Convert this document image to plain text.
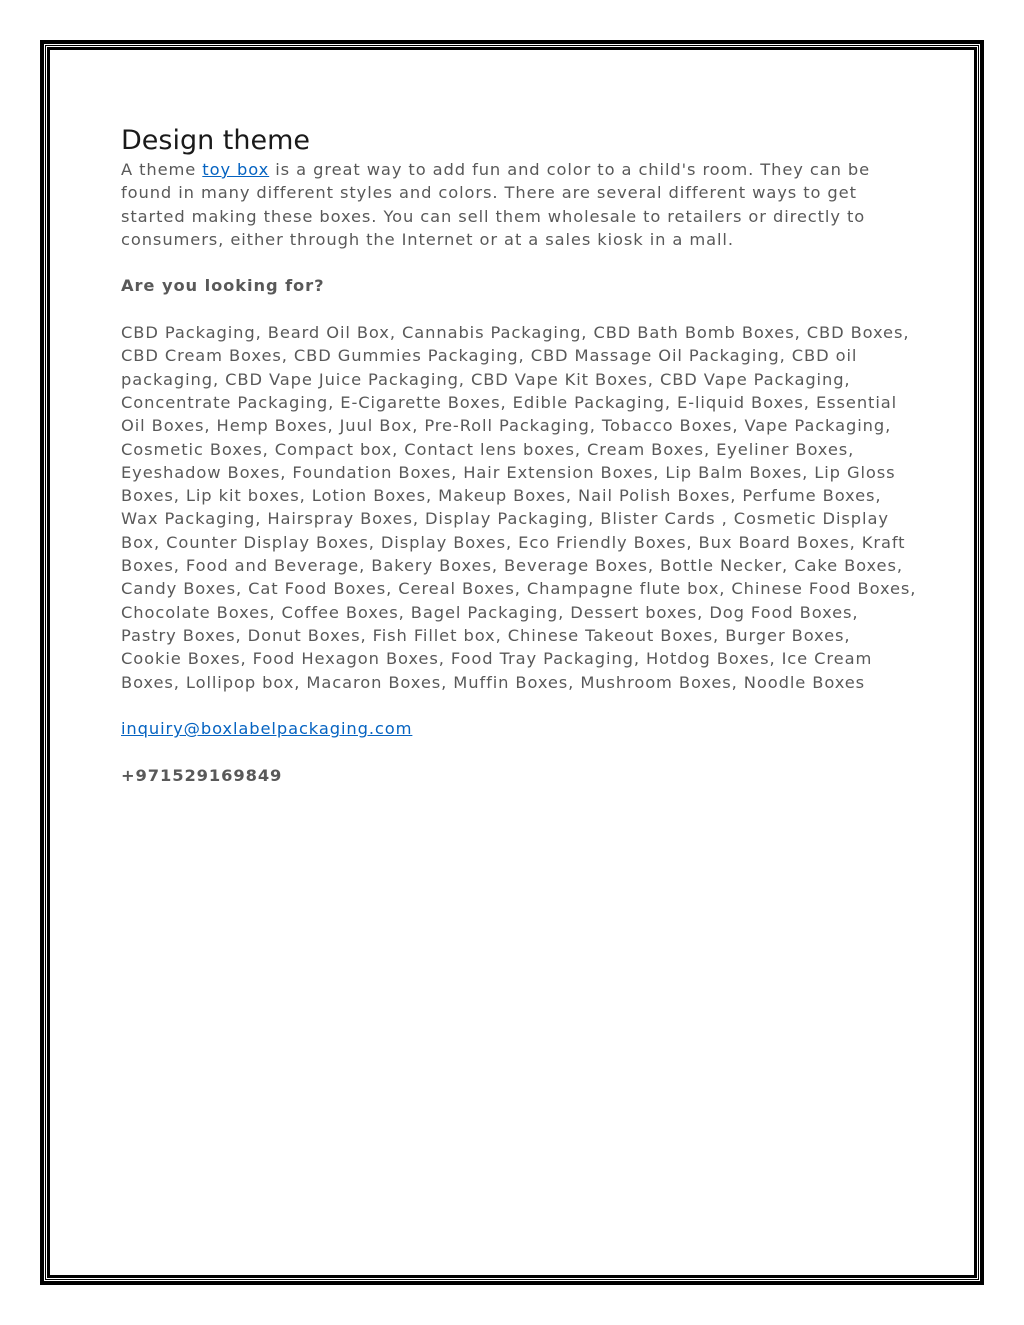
Design theme
A theme toy box is a great way to add fun and color to a child's room. They can be
found in many different styles and colors. There are several different ways to get
started making these boxes. You can sell them wholesale to retailers or directly to
consumers, either through the Internet or at a sales kiosk in a mall.
Are you looking for?
CBD Packaging, Beard Oil Box, Cannabis Packaging, CBD Bath Bomb Boxes, CBD Boxes,
CBD Cream Boxes, CBD Gummies Packaging, CBD Massage Oil Packaging, CBD oil
packaging, CBD Vape Juice Packaging, CBD Vape Kit Boxes, CBD Vape Packaging,
Concentrate Packaging, E-Cigarette Boxes, Edible Packaging, E-liquid Boxes, Essential
Oil Boxes, Hemp Boxes, Juul Box, Pre-Roll Packaging, Tobacco Boxes, Vape Packaging,
Cosmetic Boxes, Compact box, Contact lens boxes, Cream Boxes, Eyeliner Boxes,
Eyeshadow Boxes, Foundation Boxes, Hair Extension Boxes, Lip Balm Boxes, Lip Gloss
Boxes, Lip kit boxes, Lotion Boxes, Makeup Boxes, Nail Polish Boxes, Perfume Boxes,
Wax Packaging, Hairspray Boxes, Display Packaging, Blister Cards , Cosmetic Display
Box, Counter Display Boxes, Display Boxes, Eco Friendly Boxes, Bux Board Boxes, Kraft
Boxes, Food and Beverage, Bakery Boxes, Beverage Boxes, Bottle Necker, Cake Boxes,
Candy Boxes, Cat Food Boxes, Cereal Boxes, Champagne flute box, Chinese Food Boxes,
Chocolate Boxes, Coffee Boxes, Bagel Packaging, Dessert boxes, Dog Food Boxes,
Pastry Boxes, Donut Boxes, Fish Fillet box, Chinese Takeout Boxes, Burger Boxes,
Cookie Boxes, Food Hexagon Boxes, Food Tray Packaging, Hotdog Boxes, Ice Cream
Boxes, Lollipop box, Macaron Boxes, Muffin Boxes, Mushroom Boxes, Noodle Boxes
inquiry@boxlabelpackaging.com
+971529169849
